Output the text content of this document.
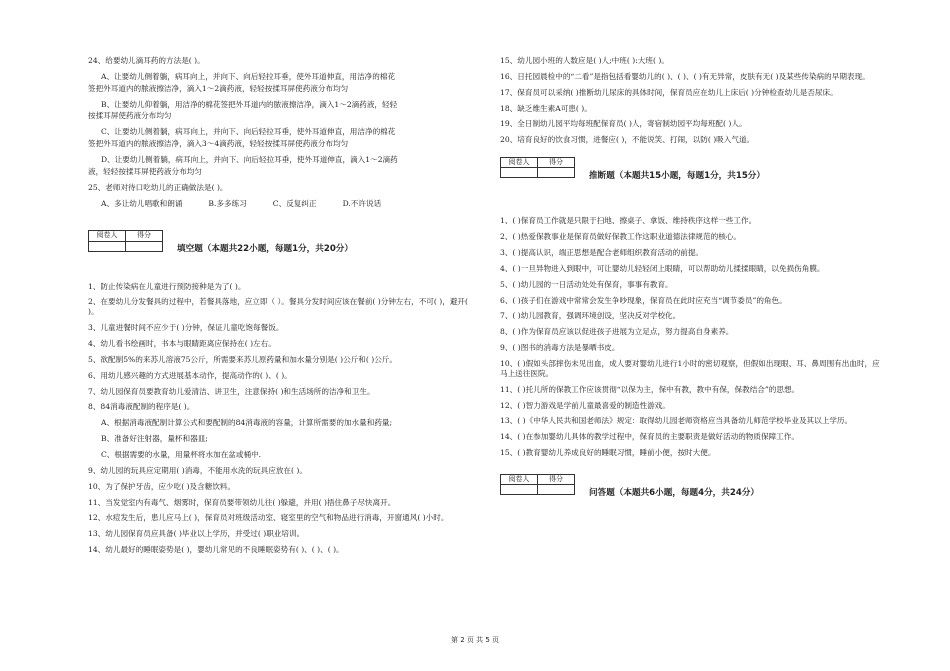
24、给要幼儿滴耳药的方法是( )。
A、让要幼儿侧着躺，病耳向上，并向下、向后轻拉耳垂，使外耳道伸直，用洁净的棉花
签把外耳道内的脓液擦洁净，滴入1～2滴药液，轻轻按揉耳屏使药液分布均匀
B、让要幼儿仰着躺，用洁净的棉花签把外耳道内的脓液擦洁净，滴入1～2滴药液，轻轻
按揉耳屏使药液分布均匀
C、让要幼儿侧着躺，病耳向上，并向下、向后轻拉耳垂，使外耳道伸直，用洁净的棉花
签把外耳道内的脓液擦洁净，滴入3～4滴药液，轻轻按揉耳屏使药液分布均匀
D、让要幼儿侧着躺，病耳向上，并向下、向后轻拉耳垂，使外耳道伸直，滴入1～2滴药
液，轻轻按揉耳屏使药液分布均匀
25、老师对待口吃幼儿的正确做法是( )。
A、多让幼儿唱歌和朗诵	B.多多练习	C、反复纠正	D.不许说话
阅卷人	得分

填空题（本题共22小题，每题1分，共20分）
1、防止传染病在儿童进行预防接种是为了( )。
2、在要幼儿分发餐具的过程中，若餐具落地，应立即（ ）。餐具分发时间应该在餐前( )分钟左右，不可( )，避开( )。
3、儿童进餐时间不应少于( )分钟，保证儿童吃饱每餐饭。
4、幼儿看书绘画时，书本与眼睛距离应保持在( )左右。
5、欲配制5%的来苏儿溶液75公斤，所需要来苏儿原药量和加水量分别是( )公斤和( )公斤。
6、用幼儿感兴趣的方式进展基本动作，提高动作的( )、( )。
7、幼儿园保育员要教育幼儿爱清洁、讲卫生，注意保持( )和生活场所的洁净和卫生。
8、84消毒液配制的程序是( )。
A、根据消毒液配制计算公式和要配制的84消毒液的容量，计算所需要的加水量和药量;
B、准备好注射器，量杯和器皿;
C、根据需要的水量，用量杯将水加在盆或桶中.
9、幼儿园的玩具应定期用( )消毒，不能用水洗的玩具应放在( )。
10、为了保护牙齿，应少吃( )及含糖饮料。
11、当发觉室内有毒气、烟雾时，保育员要带领幼儿往( )躲避，并用( )捂住鼻子尽快离开。
12、水痘发生后，患儿应马上( )，保育员对班级活动室、寝室里的空气和物品进行消毒，开窗通风( )小时。
13、幼儿园保育员应具备( )毕业以上学历，并受过( )职业培训。
14、幼儿最好的睡眠姿势是( )，婴幼儿常见的不良睡眠姿势有( )、( )、( )。
15、幼儿园小班的人数应是( )人;中班( ):大班( )。
16、日托园晨检中的“二看”是指包括看婴幼儿的( )、( )、( )有无异常，皮肤有无( )及某些传染病的早期表现。
17、保育员可以采纳( )推断幼儿尿床的具体时间，保育员应在幼儿上床后( )分钟检查幼儿是否尿床。
18、缺乏维生素A可患( )。
19、全日制幼儿园平均每班配保育员( )人，寄宿制幼园平均每班配( )人。
20、培育良好的饮食习惯，进餐应( )，不能说笑、打闹，以防( )吸入气道。
阅卷人	得分

推断题（本题共15小题，每题1分，共15分）
1、( )保育员工作就是只限于扫地、擦桌子、拿饭、维持秩序这样一些工作。
2、( )热爱保教事业是保育员做好保教工作这职业道德法律规范的核心。
3、( )提高认识，端正思想是配合老师组织教育活动的前提。
4、( )一旦异物进入到眼中，可让婴幼儿轻轻闭上眼睛，可以帮助幼儿揉揉眼睛，以免损伤角膜。
5、( )幼儿园的一日活动处处有保育，事事有教育。
6、( )孩子们在游戏中常常会发生争吵现象，保育员在此时应充当“调节委员”的角色。
7、( )幼儿园教育，强调环境创设，坚决反对学校化。
8、( )作为保育员应该以促进孩子进展为立足点，努力提高自身素养。
9、( )图书的消毒方法是暴晒书皮。
10、( )假如头部摔伤未见出血，成人要对婴幼儿进行1小时的密切观察，但假如出现眼、耳、鼻周围有出血时，应马上送往医院。
11、( )托儿所的保教工作应该贯彻“以保为主，保中有教，教中有保，保教结合”的思想。
12、( )智力游戏是学前儿童最喜爱的制造性游戏。
13、( )《中华人民共和国老师法》规定：取得幼儿园老师资格应当具备幼儿师范学校毕业及其以上学历。
14、( )在参加婴幼儿具体的教学过程中，保育员的主要职责是做好活动的物质保障工作。
15、( )教育婴幼儿养成良好的睡眠习惯，睡前小便，按时大便。
阅卷人	得分

问答题（本题共6小题，每题4分，共24分）
第 2 页 共 5 页
